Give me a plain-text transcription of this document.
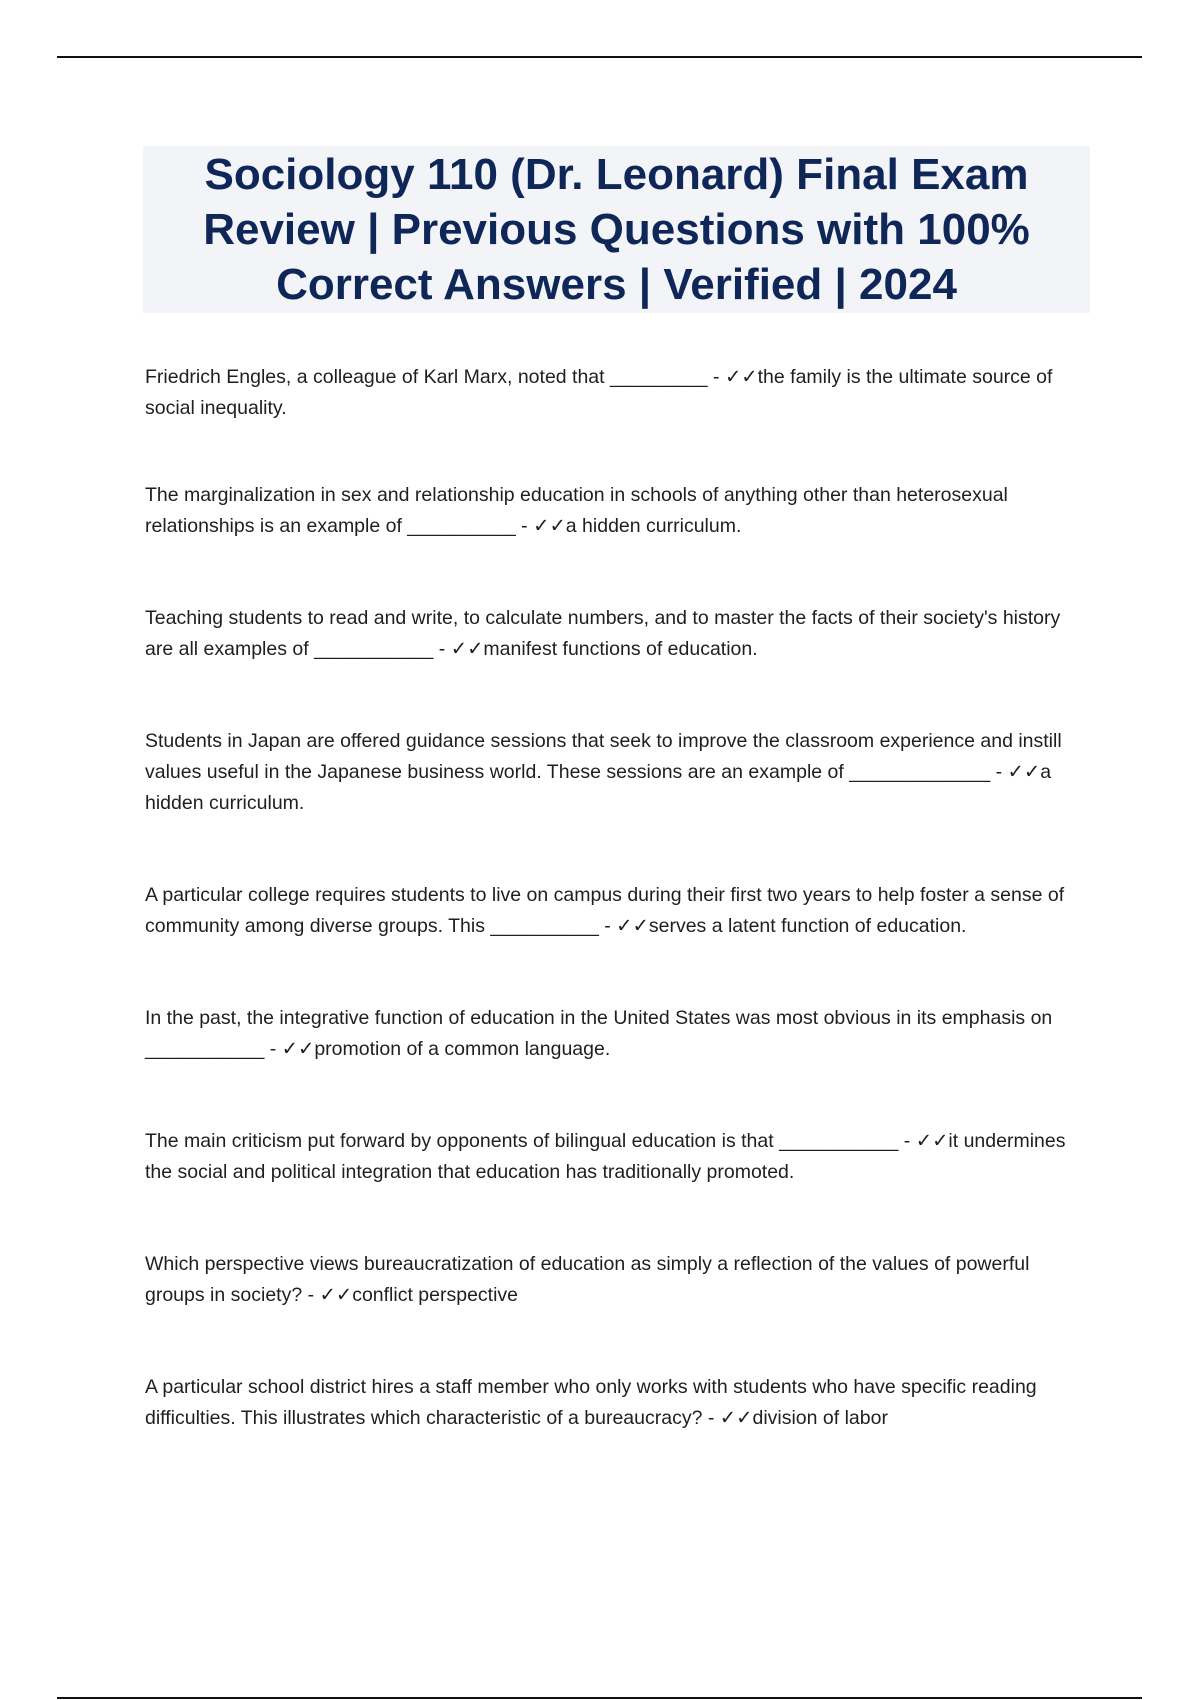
Sociology 110 (Dr. Leonard) Final Exam Review | Previous Questions with 100% Correct Answers | Verified | 2024

Friedrich Engles, a colleague of Karl Marx, noted that _________ - ✓✓the family is the ultimate source of social inequality.

The marginalization in sex and relationship education in schools of anything other than heterosexual relationships is an example of __________ - ✓✓a hidden curriculum.

Teaching students to read and write, to calculate numbers, and to master the facts of their society's history are all examples of ___________ - ✓✓manifest functions of education.

Students in Japan are offered guidance sessions that seek to improve the classroom experience and instill values useful in the Japanese business world. These sessions are an example of _____________ - ✓✓a hidden curriculum.

A particular college requires students to live on campus during their first two years to help foster a sense of community among diverse groups. This __________ - ✓✓serves a latent function of education.

In the past, the integrative function of education in the United States was most obvious in its emphasis on ___________ - ✓✓promotion of a common language.

The main criticism put forward by opponents of bilingual education is that ___________ - ✓✓it undermines the social and political integration that education has traditionally promoted.

Which perspective views bureaucratization of education as simply a reflection of the values of powerful groups in society? - ✓✓conflict perspective

A particular school district hires a staff member who only works with students who have specific reading difficulties. This illustrates which characteristic of a bureaucracy? - ✓✓division of labor
